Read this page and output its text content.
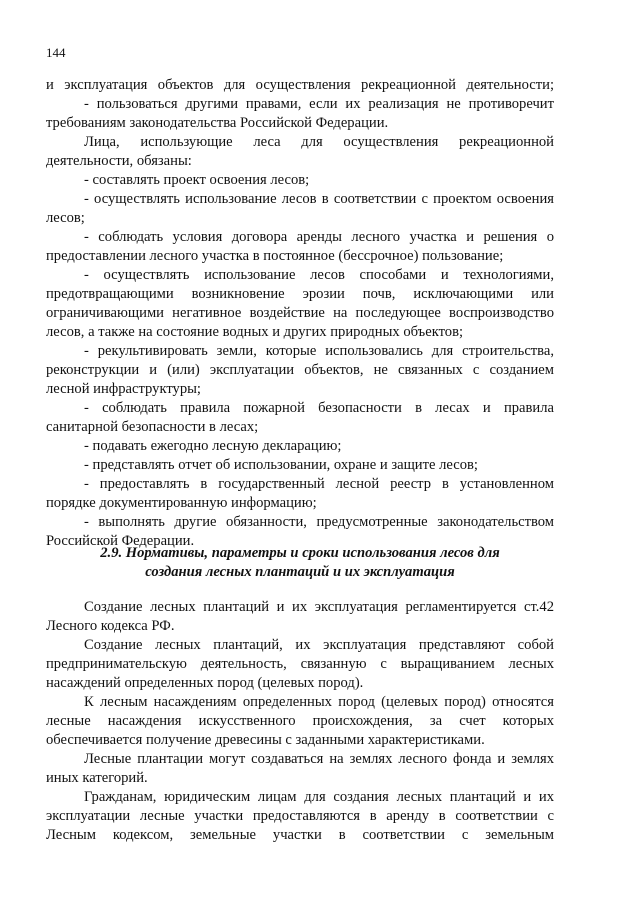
144
и эксплуатация объектов для осуществления рекреационной деятельности;
- пользоваться другими правами, если их реализация не противоречит
требованиям законодательства Российской Федерации.
Лица, использующие леса для осуществления рекреационной
деятельности, обязаны:
- составлять проект освоения лесов;
- осуществлять использование лесов в соответствии с проектом освоения
лесов;
- соблюдать условия договора аренды лесного участка и решения о
предоставлении лесного участка в постоянное (бессрочное) пользование;
- осуществлять использование лесов способами и технологиями,
предотвращающими возникновение эрозии почв, исключающими или
ограничивающими негативное воздействие на последующее воспроизводство
лесов, а также на состояние водных и других природных объектов;
- рекультивировать земли, которые использовались для строительства,
реконструкции и (или) эксплуатации объектов, не связанных с созданием
лесной инфраструктуры;
- соблюдать правила пожарной безопасности в лесах и правила
санитарной безопасности в лесах;
- подавать ежегодно лесную декларацию;
- представлять отчет об использовании, охране и защите лесов;
- предоставлять в государственный лесной реестр в установленном
порядке документированную информацию;
- выполнять другие обязанности, предусмотренные законодательством
Российской Федерации.
2.9. Нормативы, параметры и сроки использования лесов для
создания лесных плантаций и их эксплуатация
Создание лесных плантаций и их эксплуатация регламентируется ст.42
Лесного кодекса РФ.
Создание лесных плантаций, их эксплуатация представляют собой
предпринимательскую деятельность, связанную с выращиванием лесных
насаждений определенных пород (целевых пород).
К лесным насаждениям определенных пород (целевых пород) относятся
лесные насаждения искусственного происхождения, за счет которых
обеспечивается получение древесины с заданными характеристиками.
Лесные плантации могут создаваться на землях лесного фонда и землях
иных категорий.
Гражданам, юридическим лицам для создания лесных плантаций и их
эксплуатации лесные участки предоставляются в аренду в соответствии с
Лесным кодексом, земельные участки в соответствии с земельным
